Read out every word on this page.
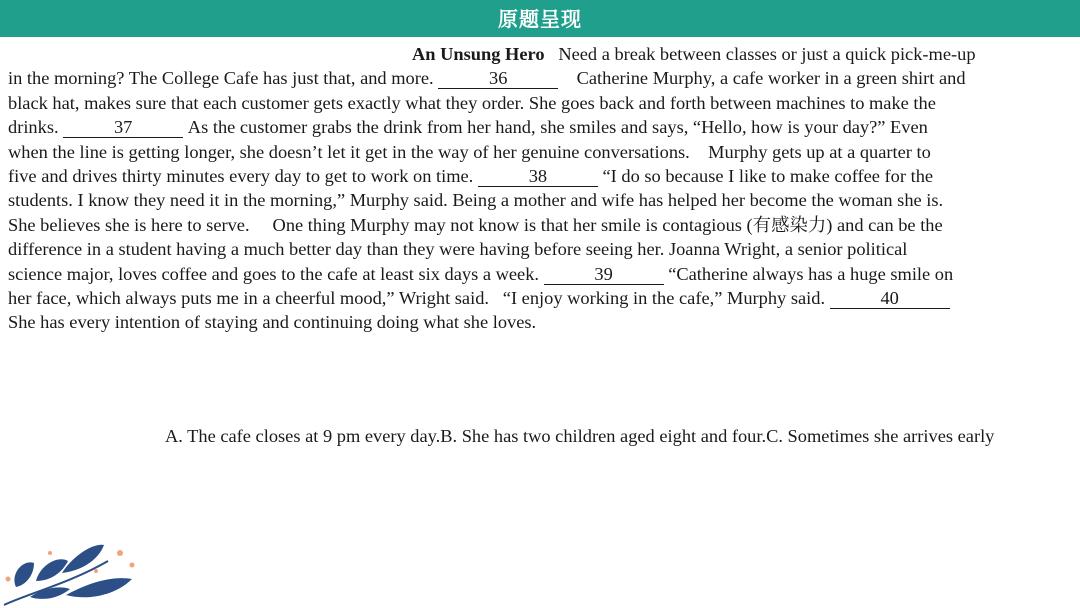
原题呈现
An Unsung Hero Need a break between classes or just a quick pick-me-up
in the morning? The College Cafe has just that, and more.	36	Catherine Murphy, a cafe worker in a green shirt and
black hat, makes sure that each customer gets exactly what they order. She goes back and forth between machines to make the
drinks.	37	As the customer grabs the drink from her hand, she smiles and says, “Hello, how is your day?” Even
when the line is getting longer, she doesn’t let it get in the way of her genuine conversations.    Murphy gets up at a quarter to
five and drives thirty minutes every day to get to work on time.	38	“I do so because I like to make coffee for the
students. I know they need it in the morning,” Murphy said. Being a mother and wife has helped her become the woman she is.
She believes she is here to serve.     One thing Murphy may not know is that her smile is contagious (有感染力) and can be the
difference in a student having a much better day than they were having before seeing her. Joanna Wright, a senior political
science major, loves coffee and goes to the cafe at least six days a week.	39	“Catherine always has a huge smile on
her face, which always puts me in a cheerful mood,” Wright said.   “I enjoy working in the cafe,” Murphy said.	40
She has every intention of staying and continuing doing what she loves.
A. The cafe closes at 9 pm every day.B. She has two children aged eight and four.C. Sometimes she arrives early
